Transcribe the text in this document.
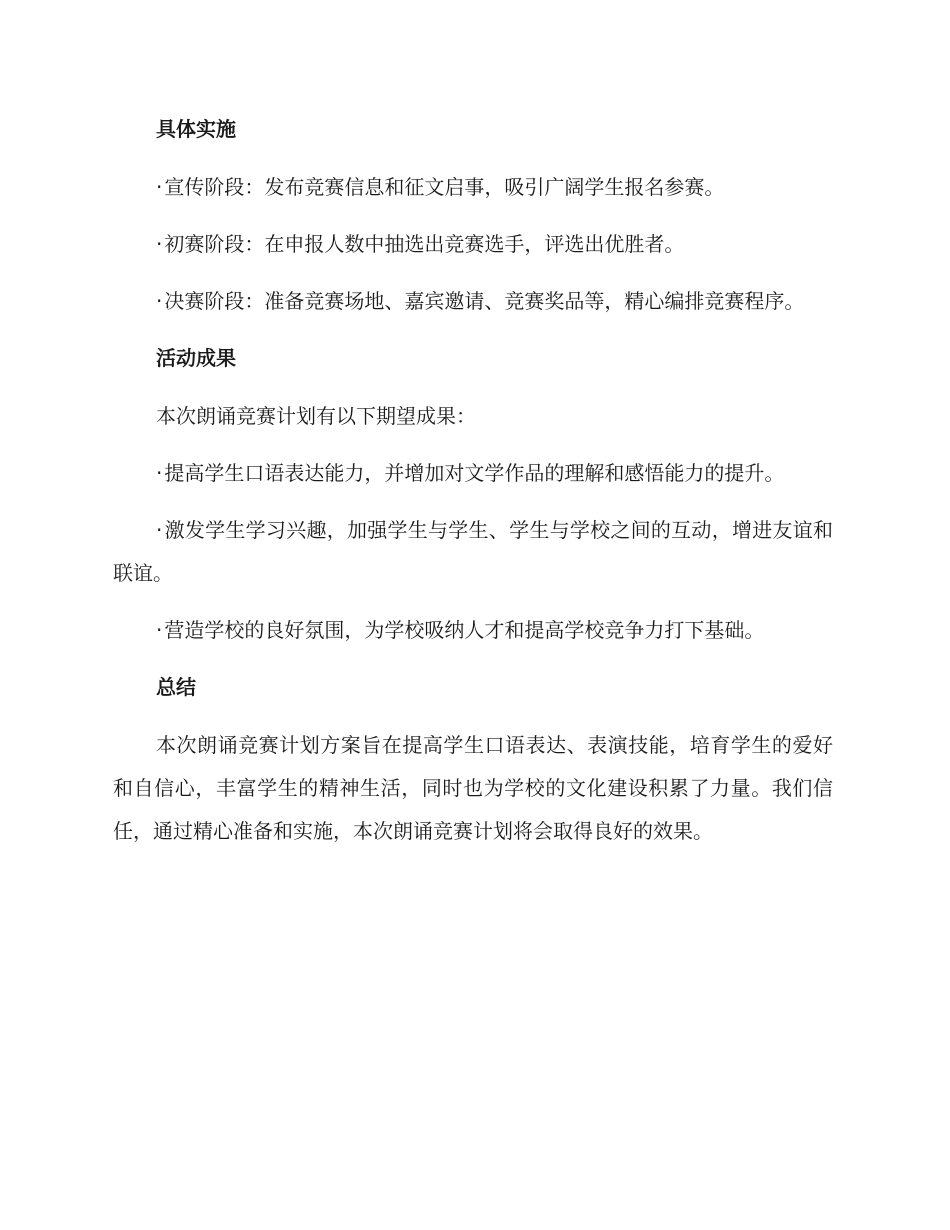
具体实施

· 宣传阶段：发布竞赛信息和征文启事，吸引广阔学生报名参赛。

· 初赛阶段：在申报人数中抽选出竞赛选手，评选出优胜者。

· 决赛阶段：准备竞赛场地、嘉宾邀请、竞赛奖品等，精心编排竞赛程序。

活动成果

本次朗诵竞赛计划有以下期望成果：

· 提高学生口语表达能力，并增加对文学作品的理解和感悟能力的提升。

· 激发学生学习兴趣，加强学生与学生、学生与学校之间的互动，增进友谊和联谊。

· 营造学校的良好氛围，为学校吸纳人才和提高学校竞争力打下基础。

总结

本次朗诵竞赛计划方案旨在提高学生口语表达、表演技能，培育学生的爱好和自信心，丰富学生的精神生活，同时也为学校的文化建设积累了力量。我们信任，通过精心准备和实施，本次朗诵竞赛计划将会取得良好的效果。
